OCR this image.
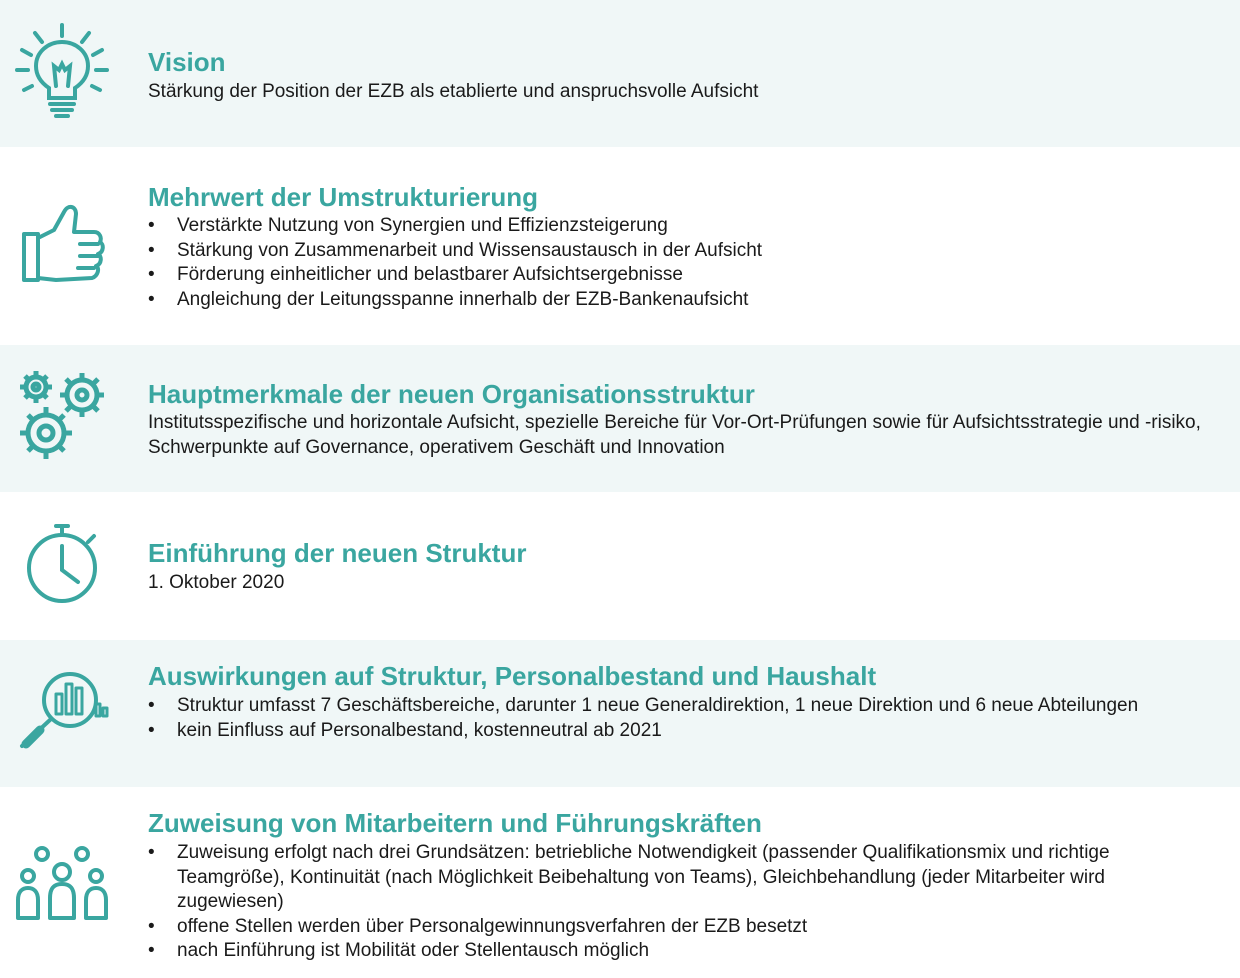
Vision

Stärkung der Position der EZB als etablierte und anspruchsvolle Aufsicht

Mehrwert der Umstrukturierung
• Verstärkte Nutzung von Synergien und Effizienzsteigerung
• Stärkung von Zusammenarbeit und Wissensaustausch in der Aufsicht
• Förderung einheitlicher und belastbarer Aufsichtsergebnisse
• Angleichung der Leitungsspanne innerhalb der EZB-Bankenaufsicht
Hauptmerkmale der neuen Organisationsstruktur

Institutsspezifische und horizontale Aufsicht, spezielle Bereiche für Vor-Ort-Prüfungen sowie für Aufsichtsstrategie und -risiko, Schwerpunkte auf Governance, operativem Geschäft und Innovation

Einführung der neuen Struktur

1. Oktober 2020

Auswirkungen auf Struktur, Personalbestand und Haushalt
• Struktur umfasst 7 Geschäftsbereiche, darunter 1 neue Generaldirektion, 1 neue Direktion und 6 neue Abteilungen
• kein Einfluss auf Personalbestand, kostenneutral ab 2021
Zuweisung von Mitarbeitern und Führungskräften
• Zuweisung erfolgt nach drei Grundsätzen: betriebliche Notwendigkeit (passender Qualifikationsmix und richtige Teamgröße), Kontinuität (nach Möglichkeit Beibehaltung von Teams), Gleichbehandlung (jeder Mitarbeiter wird zugewiesen)
• offene Stellen werden über Personalgewinnungsverfahren der EZB besetzt
• nach Einführung ist Mobilität oder Stellentausch möglich
